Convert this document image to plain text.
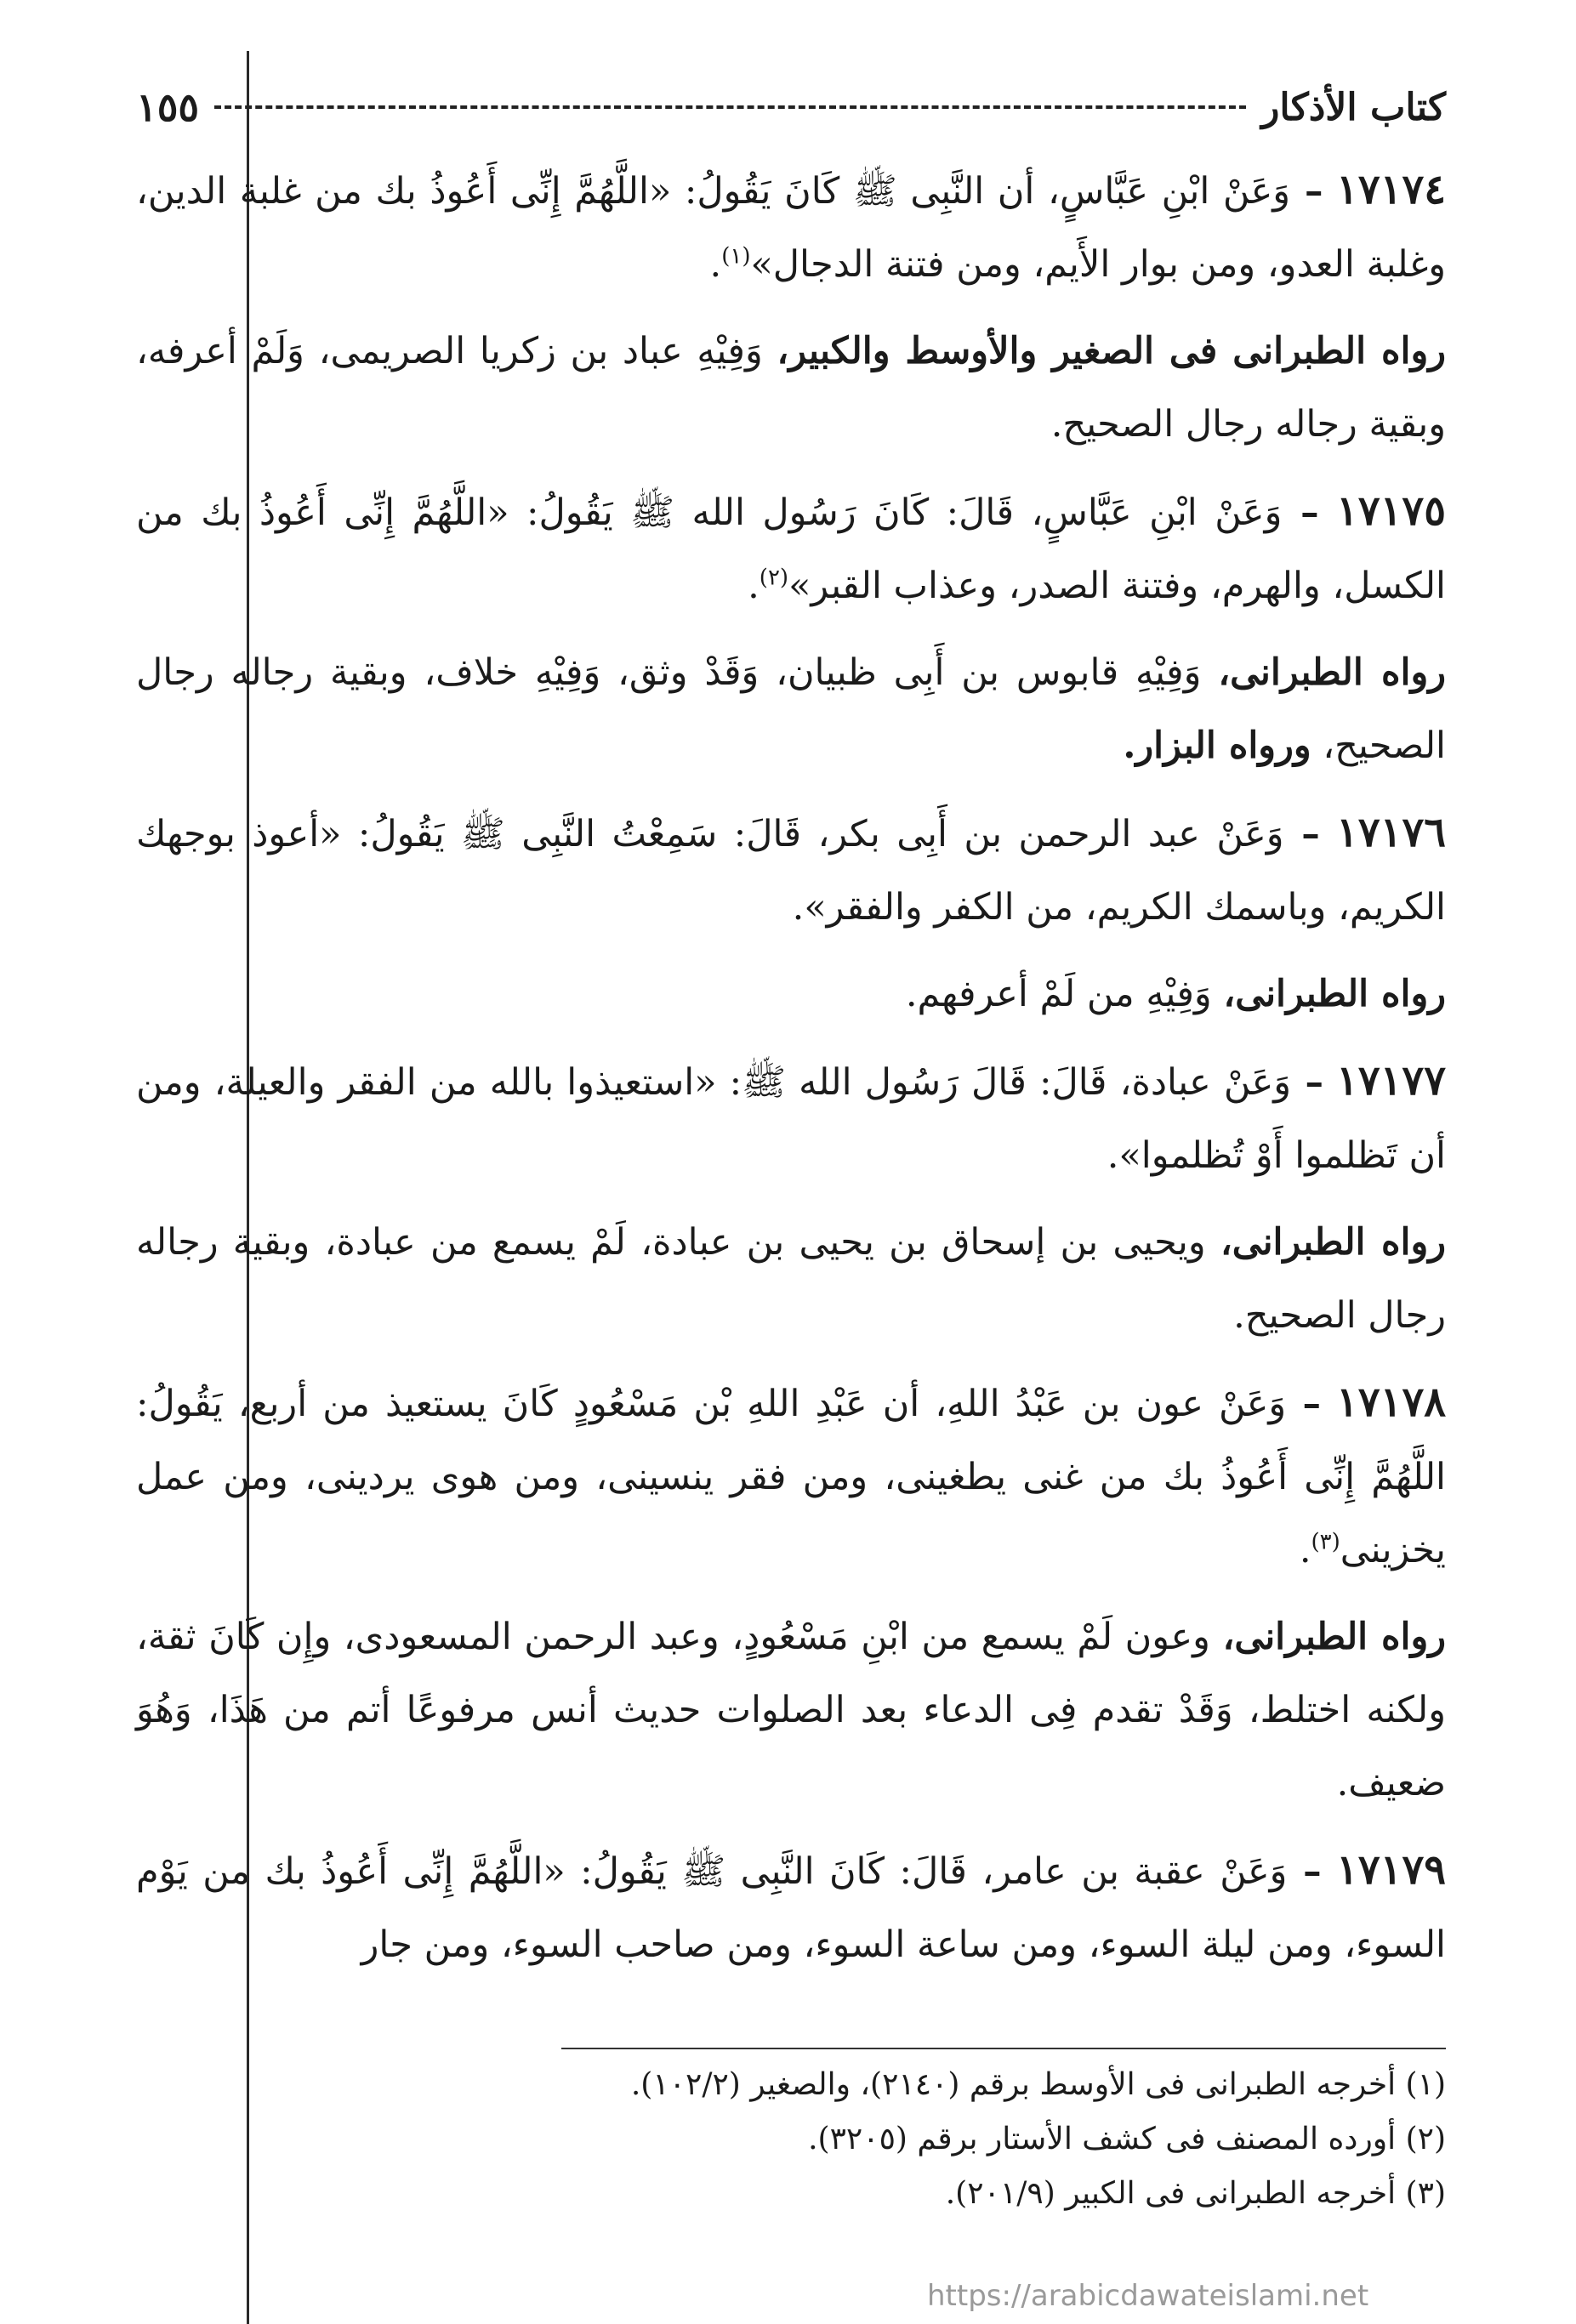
كتاب الأذكار
١٥٥

١٧١٧٤ – وَعَنْ ابْنِ عَبَّاسٍ، أن النَّبِى ﷺ كَانَ يَقُولُ: «اللَّهُمَّ إِنِّى أَعُوذُ بك من غلبة الدين، وغلبة العدو، ومن بوار الأَيم، ومن فتنة الدجال»$^{(١)}$.

رواه الطبرانى فى الصغير والأوسط والكبير، وَفِيْهِ عباد بن زكريا الصريمى، وَلَمْ أعرفه، وبقية رجاله رجال الصحيح.

١٧١٧٥ – وَعَنْ ابْنِ عَبَّاسٍ، قَالَ: كَانَ رَسُول الله ﷺ يَقُولُ: «اللَّهُمَّ إِنِّى أَعُوذُ بك من الكسل، والهرم، وفتنة الصدر، وعذاب القبر»$^{(٢)}$.

رواه الطبرانى، وَفِيْهِ قابوس بن أَبِى ظبيان، وَقَدْ وثق، وَفِيْهِ خلاف، وبقية رجاله رجال الصحيح، ورواه البزار.

١٧١٧٦ – وَعَنْ عبد الرحمن بن أَبِى بكر، قَالَ: سَمِعْتُ النَّبِى ﷺ يَقُولُ: «أعوذ بوجهك الكريم، وباسمك الكريم، من الكفر والفقر».

رواه الطبرانى، وَفِيْهِ من لَمْ أعرفهم.

١٧١٧٧ – وَعَنْ عبادة، قَالَ: قَالَ رَسُول الله ﷺ: «استعيذوا بالله من الفقر والعيلة، ومن أن تَظلموا أَوْ تُظلموا».

رواه الطبرانى، ويحيى بن إسحاق بن يحيى بن عبادة، لَمْ يسمع من عبادة، وبقية رجاله رجال الصحيح.

١٧١٧٨ – وَعَنْ عون بن عَبْدُ اللهِ، أن عَبْدِ اللهِ بْن مَسْعُودٍ كَانَ يستعيذ من أربع، يَقُولُ: اللَّهُمَّ إِنِّى أَعُوذُ بك من غنى يطغينى، ومن فقر ينسينى، ومن هوى يردينى، ومن عمل يخزينى$^{(٣)}$.

رواه الطبرانى، وعون لَمْ يسمع من ابْنِ مَسْعُودٍ، وعبد الرحمن المسعودى، وإِن كَانَ ثقة، ولكنه اختلط، وَقَدْ تقدم فِى الدعاء بعد الصلوات حديث أنس مرفوعًا أتم من هَذَا، وَهُوَ ضعيف.

١٧١٧٩ – وَعَنْ عقبة بن عامر، قَالَ: كَانَ النَّبِى ﷺ يَقُولُ: «اللَّهُمَّ إِنِّى أَعُوذُ بك من يَوْم السوء، ومن ليلة السوء، ومن ساعة السوء، ومن صاحب السوء، ومن جار

(١) أخرجه الطبرانى فى الأوسط برقم (٢١٤٠)، والصغير (١٠٢/٢).
(٢) أورده المصنف فى كشف الأستار برقم (٣٢٠٥).
(٣) أخرجه الطبرانى فى الكبير (٢٠١/٩).
https://arabicdawateislami.net
